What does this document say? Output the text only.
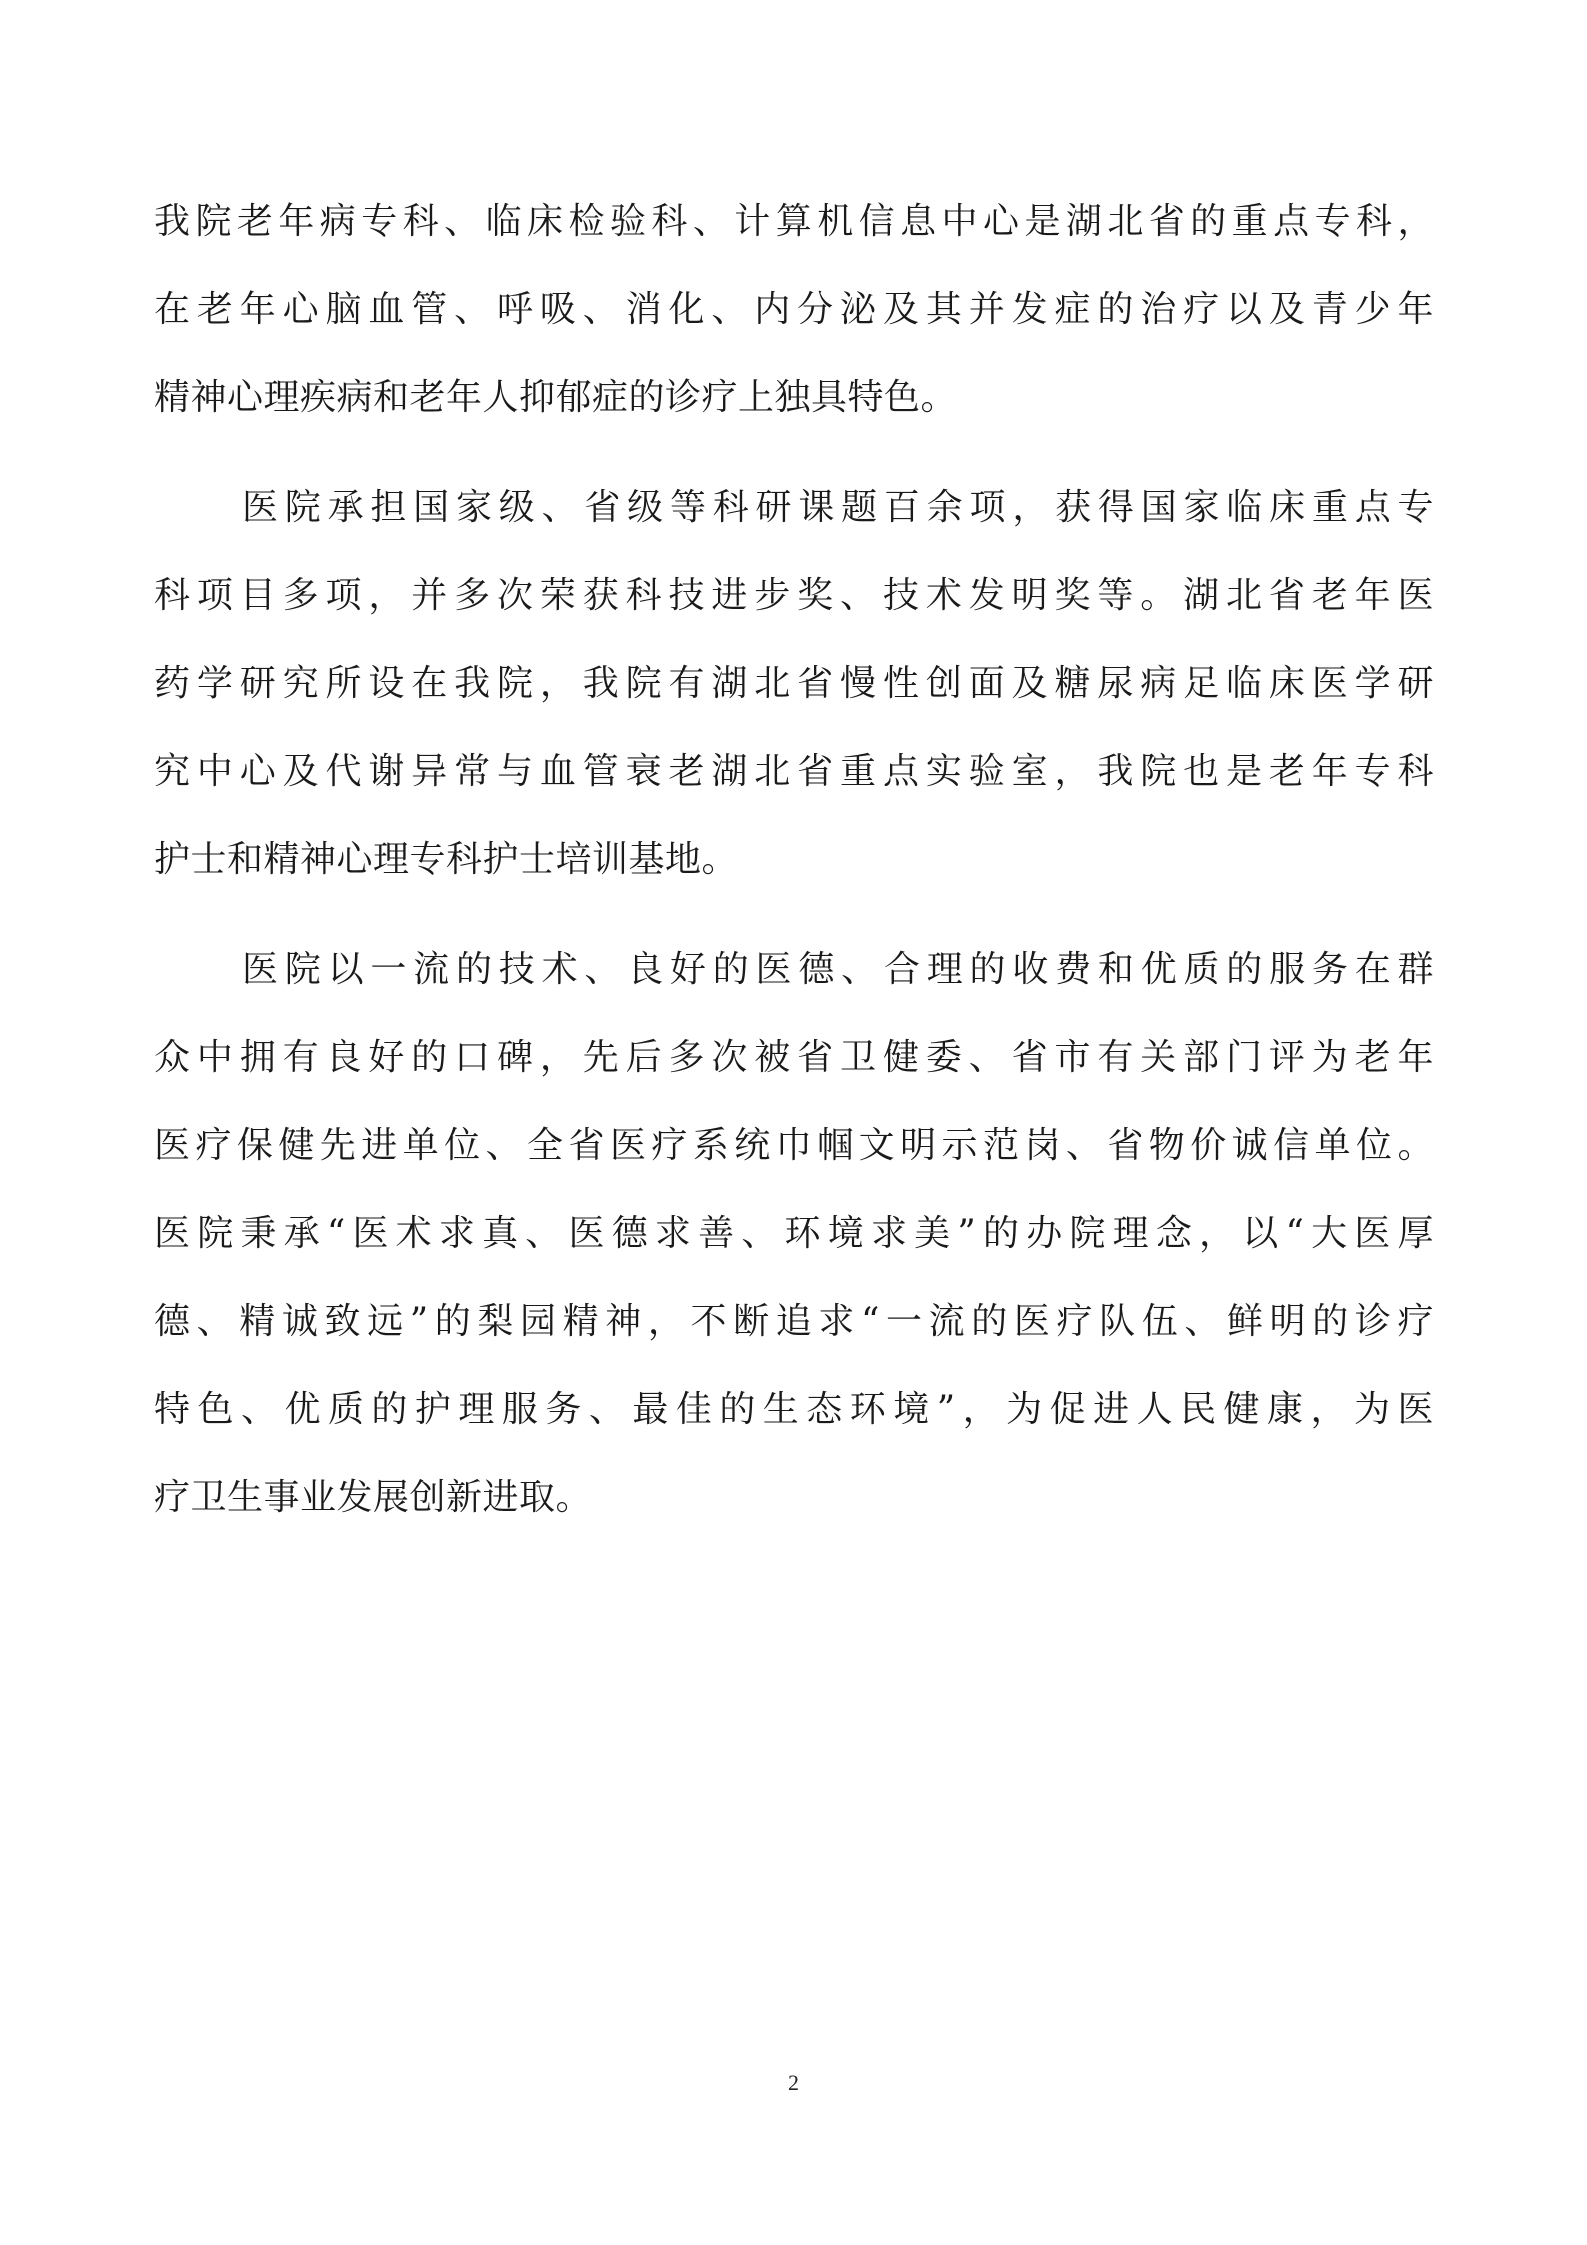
我院老年病专科、临床检验科、计算机信息中心是湖北省的重点专科，
在老年心脑血管、呼吸、消化、内分泌及其并发症的治疗以及青少年
精神心理疾病和老年人抑郁症的诊疗上独具特色。
医院承担国家级、省级等科研课题百余项，获得国家临床重点专
科项目多项，并多次荣获科技进步奖、技术发明奖等。湖北省老年医
药学研究所设在我院，我院有湖北省慢性创面及糖尿病足临床医学研
究中心及代谢异常与血管衰老湖北省重点实验室，我院也是老年专科
护士和精神心理专科护士培训基地。
医院以一流的技术、良好的医德、合理的收费和优质的服务在群
众中拥有良好的口碑，先后多次被省卫健委、省市有关部门评为老年
医疗保健先进单位、全省医疗系统巾帼文明示范岗、省物价诚信单位。
医院秉承“医术求真、医德求善、环境求美”的办院理念，以“大医厚
德、精诚致远”的梨园精神，不断追求“一流的医疗队伍、鲜明的诊疗
特色、优质的护理服务、最佳的生态环境”，为促进人民健康，为医
疗卫生事业发展创新进取。
2
